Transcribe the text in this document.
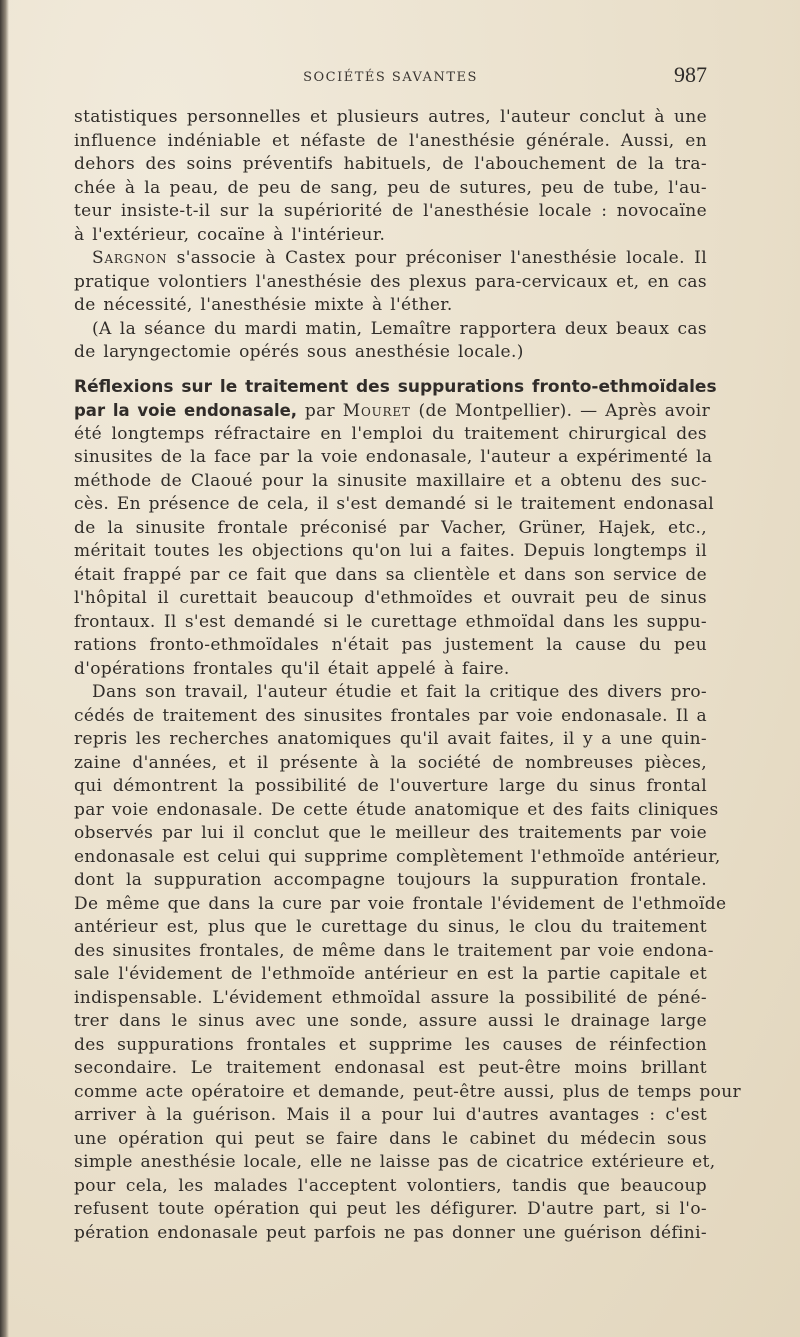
SOCIÉTÉS SAVANTES	987
statistiques personnelles et plusieurs autres, l'auteur conclut à une
influence indéniable et néfaste de l'anesthésie générale. Aussi, en
dehors des soins préventifs habituels, de l'abouchement de la tra-
chée à la peau, de peu de sang, peu de sutures, peu de tube, l'au-
teur insiste-t-il sur la supériorité de l'anesthésie locale : novocaïne
à l'extérieur, cocaïne à l'intérieur.
Sargnon s'associe à Castex pour préconiser l'anesthésie locale. Il
pratique volontiers l'anesthésie des plexus para-cervicaux et, en cas
de nécessité, l'anesthésie mixte à l'éther.
(A la séance du mardi matin, Lemaître rapportera deux beaux cas
de laryngectomie opérés sous anesthésie locale.)
Réflexions sur le traitement des suppurations fronto-ethmoïdales
par la voie endonasale, par Mouret (de Montpellier). — Après avoir
été longtemps réfractaire en l'emploi du traitement chirurgical des
sinusites de la face par la voie endonasale, l'auteur a expérimenté la
méthode de Claoué pour la sinusite maxillaire et a obtenu des suc-
cès. En présence de cela, il s'est demandé si le traitement endonasal
de la sinusite frontale préconisé par Vacher, Grüner, Hajek, etc.,
méritait toutes les objections qu'on lui a faites. Depuis longtemps il
était frappé par ce fait que dans sa clientèle et dans son service de
l'hôpital il curettait beaucoup d'ethmoïdes et ouvrait peu de sinus
frontaux. Il s'est demandé si le curettage ethmoïdal dans les suppu-
rations fronto-ethmoïdales n'était pas justement la cause du peu
d'opérations frontales qu'il était appelé à faire.
Dans son travail, l'auteur étudie et fait la critique des divers pro-
cédés de traitement des sinusites frontales par voie endonasale. Il a
repris les recherches anatomiques qu'il avait faites, il y a une quin-
zaine d'années, et il présente à la société de nombreuses pièces,
qui démontrent la possibilité de l'ouverture large du sinus frontal
par voie endonasale. De cette étude anatomique et des faits cliniques
observés par lui il conclut que le meilleur des traitements par voie
endonasale est celui qui supprime complètement l'ethmoïde antérieur,
dont la suppuration accompagne toujours la suppuration frontale.
De même que dans la cure par voie frontale l'évidement de l'ethmoïde
antérieur est, plus que le curettage du sinus, le clou du traitement
des sinusites frontales, de même dans le traitement par voie endona-
sale l'évidement de l'ethmoïde antérieur en est la partie capitale et
indispensable. L'évidement ethmoïdal assure la possibilité de péné-
trer dans le sinus avec une sonde, assure aussi le drainage large
des suppurations frontales et supprime les causes de réinfection
secondaire. Le traitement endonasal est peut-être moins brillant
comme acte opératoire et demande, peut-être aussi, plus de temps pour
arriver à la guérison. Mais il a pour lui d'autres avantages : c'est
une opération qui peut se faire dans le cabinet du médecin sous
simple anesthésie locale, elle ne laisse pas de cicatrice extérieure et,
pour cela, les malades l'acceptent volontiers, tandis que beaucoup
refusent toute opération qui peut les défigurer. D'autre part, si l'o-
pération endonasale peut parfois ne pas donner une guérison défini-
